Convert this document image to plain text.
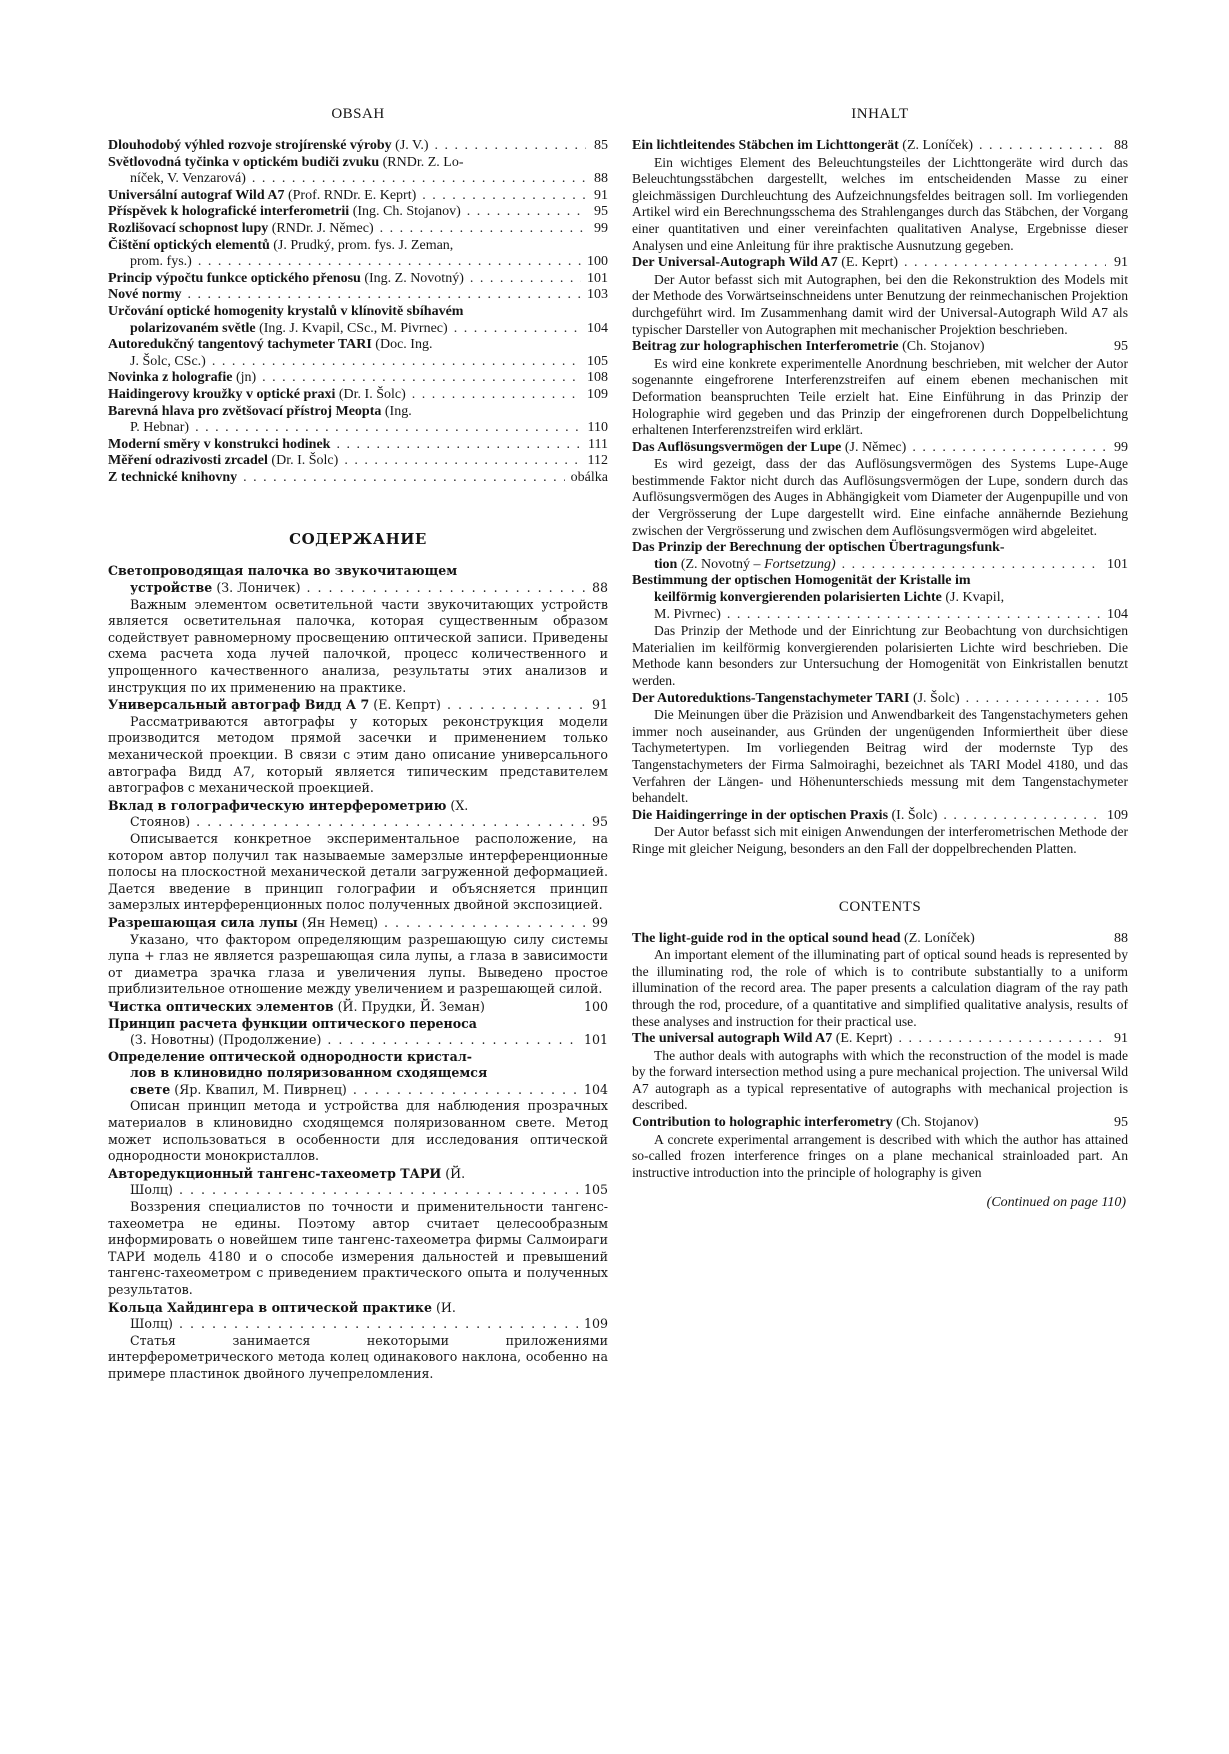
OBSAH
Dlouhodobý výhled rozvoje strojírenské výroby (J. V.) . . .	85
Světlovodná tyčinka v optickém budiči zvuku (RNDr. Z. Lo-
níček, V. Venzarová) . . .	88
Universální autograf Wild A7 (Prof. RNDr. E. Keprt) . . .	91
Příspěvek k holografické interferometrii (Ing. Ch. Stojanov) . . .	95
Rozlišovací schopnost lupy (RNDr. J. Němec) . . .	99
Čištění optických elementů (J. Prudký, prom. fys. J. Zeman,
prom. fys.) . . .	100
Princip výpočtu funkce optického přenosu (Ing. Z. Novotný) . . .	101
Nové normy . . .	103
Určování optické homogenity krystalů v klínovitě sbíhavém
polarizovaném světle (Ing. J. Kvapil, CSc., M. Pivrnec) . . .	104
Autoredukčný tangentový tachymeter TARI (Doc. Ing.
J. Šolc, CSc.) . . .	105
Novinka z holografie (jn) . . .	108
Haidingerovy kroužky v optické praxi (Dr. I. Šolc) . . .	109
Barevná hlava pro zvětšovací přístroj Meopta (Ing.
P. Hebnar) . . .	110
Moderní směry v konstrukci hodinek . . .	111
Měření odrazivosti zrcadel (Dr. I. Šolc) . . .	112
Z technické knihovny . . .	obálka
СОДЕРЖАНИЕ
Светопроводящая палочка во звукочитающем
устройстве (З. Лоничек) . . .	88
Важным элементом осветительной части звукочитающих устройств является осветительная палочка, которая существенным образом содействует равномерному просвещению оптической записи. Приведены схема расчета хода лучей палочкой, процесс количественного и упрощенного качественного анализа, результаты этих анализов и инструкция по их применению на практике.
Универсальный автограф Видд А 7 (Е. Кепрт) . . .	91
Рассматриваются автографы у которых реконструкция модели производится методом прямой засечки и применением только механической проекции. В связи с этим дано описание универсального автографа Видд А7, который является типическим представителем автографов с механической проекцией.
Вклад в голографическую интерферометрию (Х.
Стоянов) . . .	95
Описывается конкретное экспериментальное расположение, на котором автор получил так называемые замерзлые интерференционные полосы на плоскостной механической детали загруженной деформацией. Дается введение в принцип голографии и объясняется принцип замерзлых интерференционных полос полученных двойной экспозицией.
Разрешающая сила лупы (Ян Немец) . . .	99
Указано, что фактором определяющим разрешающую силу системы лупа + глаз не является разрешающая сила лупы, а глаза в зависимости от диаметра зрачка глаза и увеличения лупы. Выведено простое приблизительное отношение между увеличением и разрешающей силой.
Чистка оптических элементов (Й. Прудки, Й. Земан)	100
Принцип расчета функции оптического переноса
(З. Новотны) (Продолжение) . . .	101
Определение оптической однородности кристал-
лов в клиновидно поляризованном сходящемся
свете (Яр. Квапил, М. Пиврнец) . . .	104
Описан принцип метода и устройства для наблюдения прозрачных материалов в клиновидно сходящемся поляризованном свете. Метод может использоваться в особенности для исследования оптической однородности монокристаллов.
Авторедукционный тангенс-тахеометр ТАРИ (Й.
Шолц) . . .	105
Воззрения специалистов по точности и применительности тангенс-тахеометра не едины. Поэтому автор считает целесообразным информировать о новейшем типе тангенс-тахеометра фирмы Салмоираги ТАРИ модель 4180 и о способе измерения дальностей и превышений тангенс-тахеометром с приведением практического опыта и полученных результатов.
Кольца Хайдингера в оптической практике (И.
Шолц) . . .	109
Статья занимается некоторыми приложениями интерферометрического метода колец одинакового наклона, особенно на примере пластинок двойного лучепреломления.
INHALT
Ein lichtleitendes Stäbchen im Lichttongerät (Z. Loníček) . . .	88
Ein wichtiges Element des Beleuchtungsteiles der Lichttongeräte wird durch das Beleuchtungsstäbchen dargestellt, welches im entscheidenden Masse zu einer gleichmässigen Durchleuchtung des Aufzeichnungsfeldes beitragen soll. Im vorliegenden Artikel wird ein Berechnungsschema des Strahlenganges durch das Stäbchen, der Vorgang einer quantitativen und einer vereinfachten qualitativen Analyse, Ergebnisse dieser Analysen und eine Anleitung für ihre praktische Ausnutzung gegeben.
Der Universal-Autograph Wild A7 (E. Keprt) . . .	91
Der Autor befasst sich mit Autographen, bei den die Rekonstruktion des Models mit der Methode des Vorwärtseinschneidens unter Benutzung der reinmechanischen Projektion durchgeführt wird. Im Zusammenhang damit wird der Universal-Autograph Wild A7 als typischer Darsteller von Autographen mit mechanischer Projektion beschrieben.
Beitrag zur holographischen Interferometrie (Ch. Stojanov)	95
Es wird eine konkrete experimentelle Anordnung beschrieben, mit welcher der Autor sogenannte eingefrorene Interferenzstreifen auf einem ebenen mechanischen mit Deformation beanspruchten Teile erzielt hat. Eine Einführung in das Prinzip der Holographie wird gegeben und das Prinzip der eingefrorenen durch Doppelbelichtung erhaltenen Interferenzstreifen wird erklärt.
Das Auflösungsvermögen der Lupe (J. Němec) . . .	99
Es wird gezeigt, dass der das Auflösungsvermögen des Systems Lupe-Auge bestimmende Faktor nicht durch das Auflösungsvermögen der Lupe, sondern durch das Auflösungsvermögen des Auges in Abhängigkeit vom Diameter der Augenpupille und von der Vergrösserung der Lupe dargestellt wird. Eine einfache annähernde Beziehung zwischen der Vergrösserung und zwischen dem Auflösungsvermögen wird abgeleitet.
Das Prinzip der Berechnung der optischen Übertragungsfunk-
tion (Z. Novotný – Fortsetzung) . . .	101
Bestimmung der optischen Homogenität der Kristalle im
keilförmig konvergierenden polarisierten Lichte (J. Kvapil,
M. Pivrnec) . . .	104
Das Prinzip der Methode und der Einrichtung zur Beobachtung von durchsichtigen Materialien im keilförmig konvergierenden polarisierten Lichte wird beschrieben. Die Methode kann besonders zur Untersuchung der Homogenität von Einkristallen benutzt werden.
Der Autoreduktions-Tangenstachymeter TARI (J. Šolc) . . .	105
Die Meinungen über die Präzision und Anwendbarkeit des Tangenstachymeters gehen immer noch auseinander, aus Gründen der ungenügenden Informiertheit über diese Tachymetertypen. Im vorliegenden Beitrag wird der modernste Typ des Tangenstachymeters der Firma Salmoiraghi, bezeichnet als TARI Model 4180, und das Verfahren der Längen- und Höhenunterschieds messung mit dem Tangenstachymeter behandelt.
Die Haidingerringe in der optischen Praxis (I. Šolc) . . .	109
Der Autor befasst sich mit einigen Anwendungen der interferometrischen Methode der Ringe mit gleicher Neigung, besonders an den Fall der doppelbrechenden Platten.
CONTENTS
The light-guide rod in the optical sound head (Z. Loníček)	88
An important element of the illuminating part of optical sound heads is represented by the illuminating rod, the role of which is to contribute substantially to a uniform illumination of the record area. The paper presents a calculation diagram of the ray path through the rod, procedure, of a quantitative and simplified qualitative analysis, results of these analyses and instruction for their practical use.
The universal autograph Wild A7 (E. Keprt) . . .	91
The author deals with autographs with which the reconstruction of the model is made by the forward intersection method using a pure mechanical projection. The universal Wild A7 autograph as a typical representative of autographs with mechanical projection is described.
Contribution to holographic interferometry (Ch. Stojanov)	95
A concrete experimental arrangement is described with which the author has attained so-called frozen interference fringes on a plane mechanical strainloaded part. An instructive introduction into the principle of holography is given
(Continued on page 110)
